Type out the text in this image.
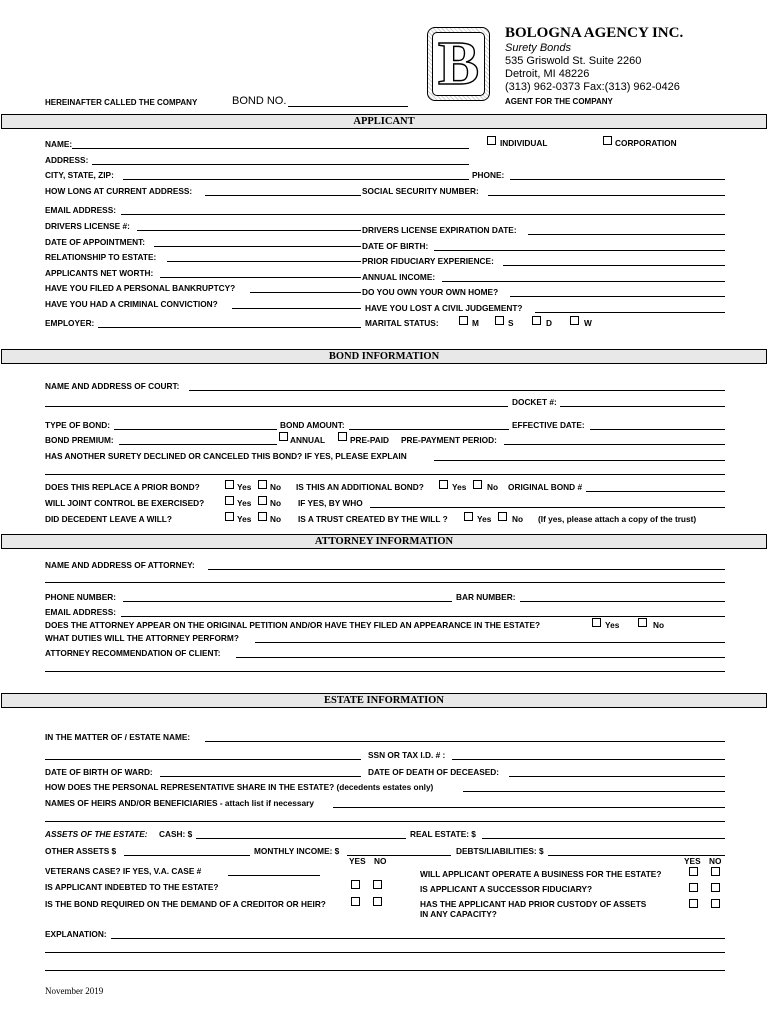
B	BOLOGNA AGENCY INC.
Surety Bonds
535 Griswold St. Suite 2260
Detroit, MI 48226
(313) 962-0373 Fax:(313) 962-0426
AGENT FOR THE COMPANY
HEREINAFTER CALLED THE COMPANY	BOND NO.
APPLICANT
NAME:	INDIVIDUAL	CORPORATION
ADDRESS:
CITY, STATE, ZIP:	PHONE:
HOW LONG AT CURRENT ADDRESS:	SOCIAL SECURITY NUMBER:
EMAIL ADDRESS:
DRIVERS LICENSE #:	DRIVERS LICENSE EXPIRATION DATE:
DATE OF APPOINTMENT:	DATE OF BIRTH:
RELATIONSHIP TO ESTATE:	PRIOR FIDUCIARY EXPERIENCE:
APPLICANTS NET WORTH:	ANNUAL INCOME:
HAVE YOU FILED A PERSONAL BANKRUPTCY?	DO YOU OWN YOUR OWN HOME?
HAVE YOU HAD A CRIMINAL CONVICTION?	HAVE YOU LOST A CIVIL JUDGEMENT?
EMPLOYER:	MARITAL STATUS:	M	S	D	W
BOND INFORMATION
NAME AND ADDRESS OF COURT:
DOCKET #:
TYPE OF BOND:	BOND AMOUNT:	EFFECTIVE DATE:
BOND PREMIUM:	ANNUAL	PRE-PAID PRE-PAYMENT PERIOD:
HAS ANOTHER SURETY DECLINED OR CANCELED THIS BOND? IF YES, PLEASE EXPLAIN
DOES THIS REPLACE A PRIOR BOND?	Yes No IS THIS AN ADDITIONAL BOND?	Yes No ORIGINAL BOND #
WILL JOINT CONTROL BE EXERCISED?	Yes No IF YES, BY WHO
DID DECEDENT LEAVE A WILL?	Yes No IS A TRUST CREATED BY THE WILL ?	Yes No (If yes, please attach a copy of the trust)
ATTORNEY INFORMATION
NAME AND ADDRESS OF ATTORNEY:
PHONE NUMBER:	BAR NUMBER:
EMAIL ADDRESS:
DOES THE ATTORNEY APPEAR ON THE ORIGINAL PETITION AND/OR HAVE THEY FILED AN APPEARANCE IN THE ESTATE?	Yes	No
WHAT DUTIES WILL THE ATTORNEY PERFORM?
ATTORNEY RECOMMENDATION OF CLIENT:
ESTATE INFORMATION
IN THE MATTER OF / ESTATE NAME:
SSN OR TAX I.D. # :
DATE OF BIRTH OF WARD:	DATE OF DEATH OF DECEASED:
HOW DOES THE PERSONAL REPRESENTATIVE SHARE IN THE ESTATE? (decedents estates only)
NAMES OF HEIRS AND/OR BENEFICIARIES - attach list if necessary
ASSETS OF THE ESTATE: CASH: $	REAL ESTATE: $
OTHER ASSETS $	MONTHLY INCOME: $	DEBTS/LIABILITIES: $
YES NO	YES NO
VETERANS CASE? IF YES, V.A. CASE #	WILL APPLICANT OPERATE A BUSINESS FOR THE ESTATE?
IS APPLICANT INDEBTED TO THE ESTATE?	IS APPLICANT A SUCCESSOR FIDUCIARY?
IS THE BOND REQUIRED ON THE DEMAND OF A CREDITOR OR HEIR?	HAS THE APPLICANT HAD PRIOR CUSTODY OF ASSETS
IN ANY CAPACITY?
EXPLANATION:
November 2019
